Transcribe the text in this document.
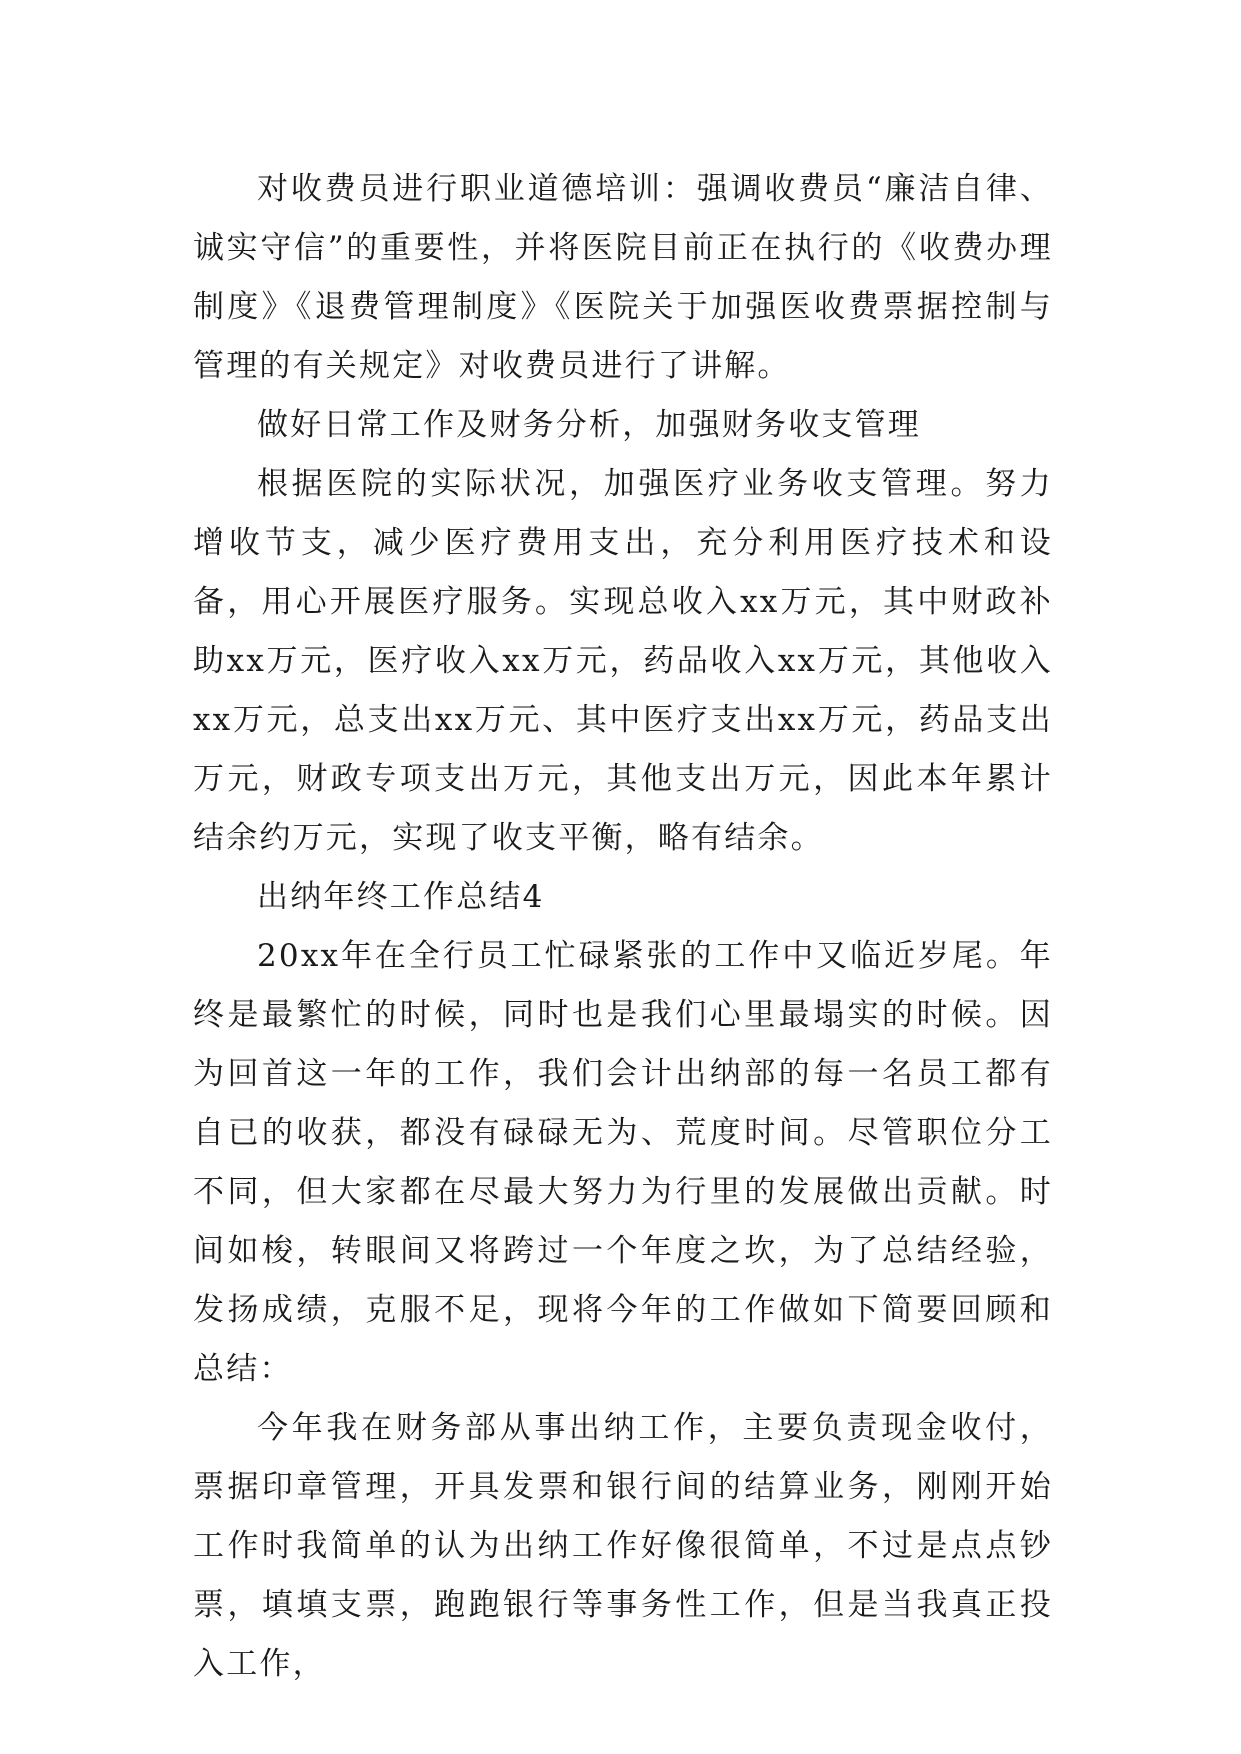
对收费员进行职业道德培训：强调收费员“廉洁自律、诚实守信”的重要性，并将医院目前正在执行的《收费办理制度》《退费管理制度》《医院关于加强医收费票据控制与管理的有关规定》对收费员进行了讲解。

做好日常工作及财务分析，加强财务收支管理

根据医院的实际状况，加强医疗业务收支管理。努力增收节支，减少医疗费用支出，充分利用医疗技术和设备，用心开展医疗服务。实现总收入xx万元，其中财政补助xx万元，医疗收入xx万元，药品收入xx万元，其他收入xx万元，总支出xx万元、其中医疗支出xx万元，药品支出万元，财政专项支出万元，其他支出万元，因此本年累计结余约万元，实现了收支平衡，略有结余。

出纳年终工作总结4

20xx年在全行员工忙碌紧张的工作中又临近岁尾。年终是最繁忙的时候，同时也是我们心里最塌实的时候。因为回首这一年的工作，我们会计出纳部的每一名员工都有自已的收获，都没有碌碌无为、荒度时间。尽管职位分工不同，但大家都在尽最大努力为行里的发展做出贡献。时间如梭，转眼间又将跨过一个年度之坎，为了总结经验，发扬成绩，克服不足，现将今年的工作做如下简要回顾和总结：

今年我在财务部从事出纳工作，主要负责现金收付，票据印章管理，开具发票和银行间的结算业务，刚刚开始工作时我简单的认为出纳工作好像很简单，不过是点点钞票，填填支票，跑跑银行等事务性工作，但是当我真正投入工作，
